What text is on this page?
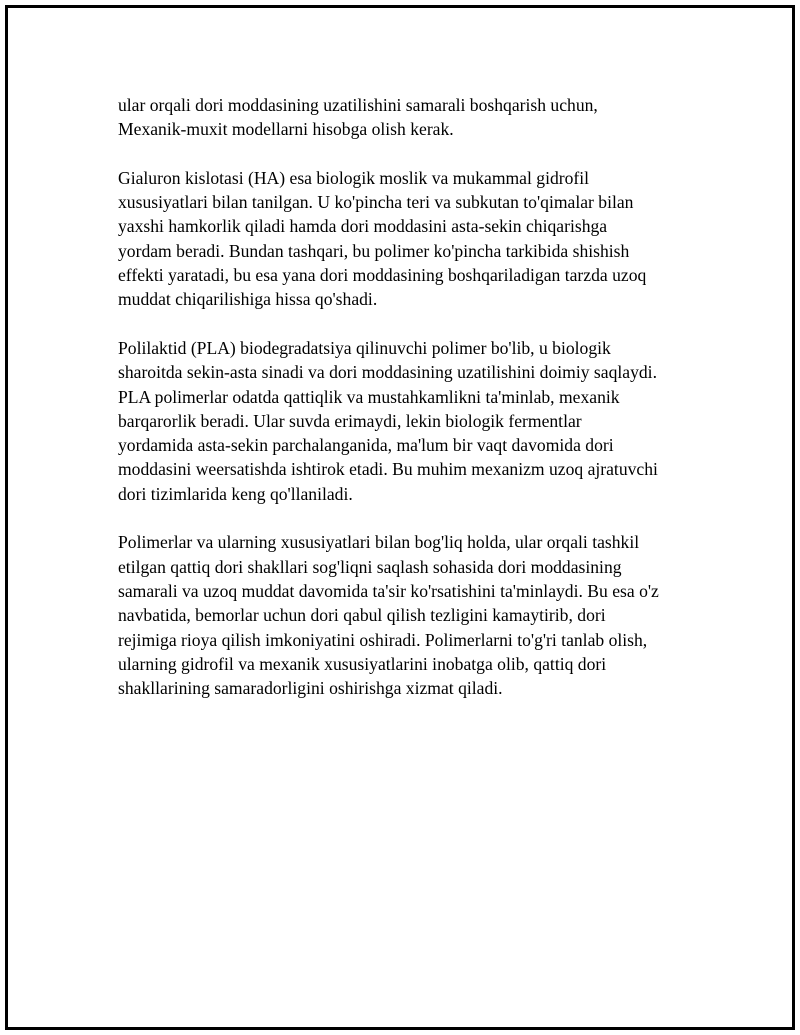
ular orqali dori moddasining uzatilishini samarali boshqarish uchun,
Mexanik-muxit modellarni hisobga olish kerak.

Gialuron kislotasi (HA) esa biologik moslik va mukammal gidrofil
xususiyatlari bilan tanilgan. U ko'pincha teri va subkutan to'qimalar bilan
yaxshi hamkorlik qiladi hamda dori moddasini asta-sekin chiqarishga
yordam beradi. Bundan tashqari, bu polimer ko'pincha tarkibida shishish
effekti yaratadi, bu esa yana dori moddasining boshqariladigan tarzda uzoq
muddat chiqarilishiga hissa qo'shadi.

Polilaktid (PLA) biodegradatsiya qilinuvchi polimer bo'lib, u biologik
sharoitda sekin-asta sinadi va dori moddasining uzatilishini doimiy saqlaydi.
PLA polimerlar odatda qattiqlik va mustahkamlikni ta'minlab, mexanik
barqarorlik beradi. Ular suvda erimaydi, lekin biologik fermentlar
yordamida asta-sekin parchalanganida, ma'lum bir vaqt davomida dori
moddasini weersatishda ishtirok etadi. Bu muhim mexanizm uzoq ajratuvchi
dori tizimlarida keng qo'llaniladi.

Polimerlar va ularning xususiyatlari bilan bog'liq holda, ular orqali tashkil
etilgan qattiq dori shakllari sog'liqni saqlash sohasida dori moddasining
samarali va uzoq muddat davomida ta'sir ko'rsatishini ta'minlaydi. Bu esa o'z
navbatida, bemorlar uchun dori qabul qilish tezligini kamaytirib, dori
rejimiga rioya qilish imkoniyatini oshiradi. Polimerlarni to'g'ri tanlab olish,
ularning gidrofil va mexanik xususiyatlarini inobatga olib, qattiq dori
shakllarining samaradorligini oshirishga xizmat qiladi.
